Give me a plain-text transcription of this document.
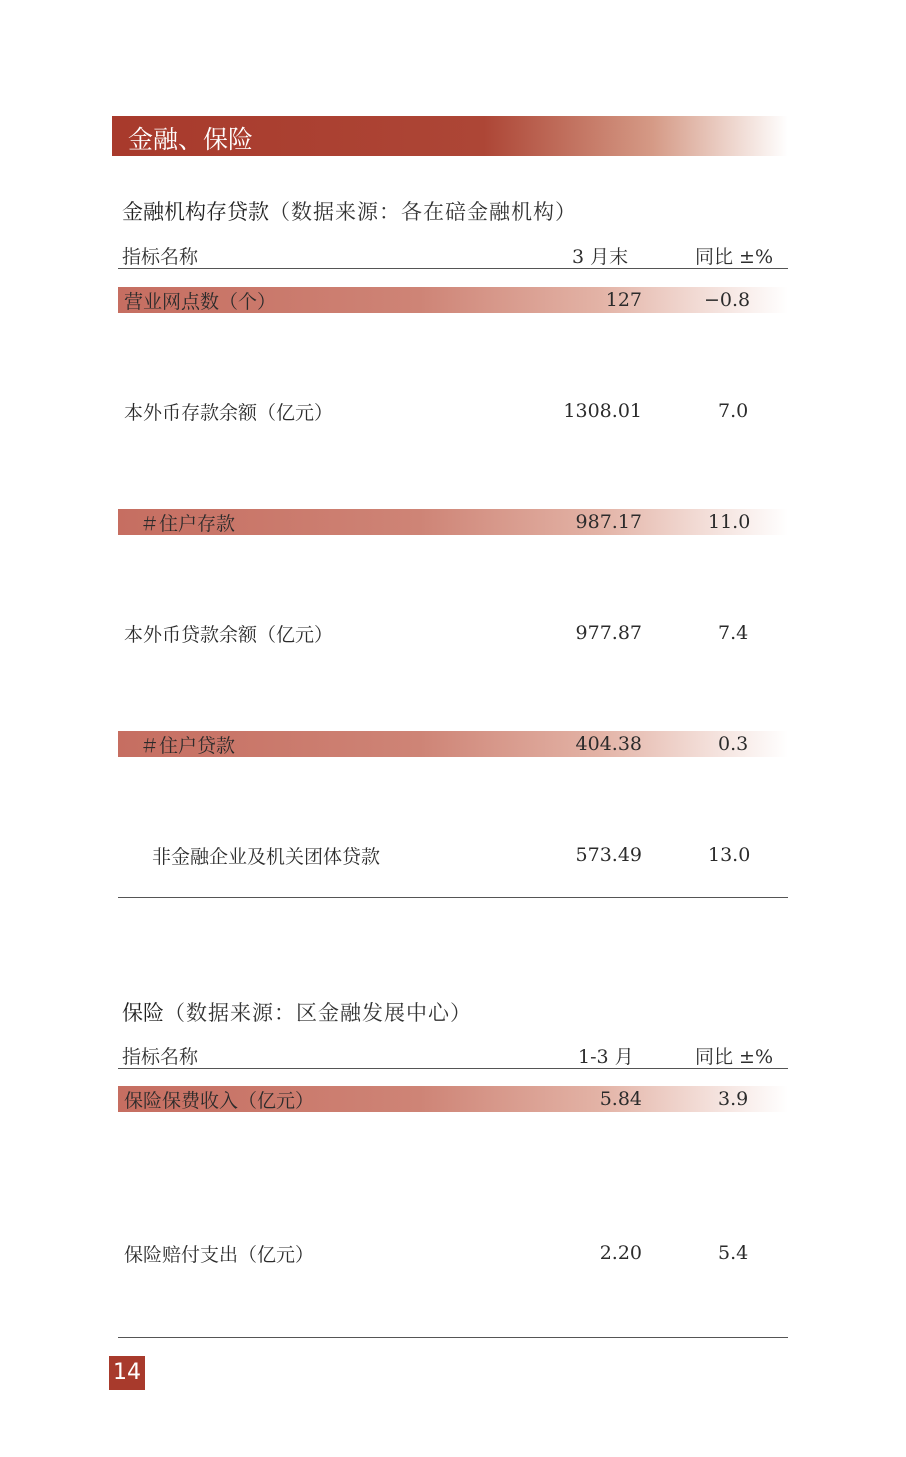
金融、保险
金融机构存贷款（数据来源：各在碚金融机构）
指标名称	3 月末	同比 ±%
营业网点数（个）	127	−0.8
本外币存款余额（亿元）	1308.01	7.0
＃住户存款	987.17	11.0
本外币贷款余额（亿元）	977.87	7.4
＃住户贷款	404.38	0.3
非金融企业及机关团体贷款	573.49	13.0
保险（数据来源：区金融发展中心）
指标名称	1-3 月	同比 ±%
保险保费收入（亿元）	5.84	3.9
保险赔付支出（亿元）	2.20	5.4
14
